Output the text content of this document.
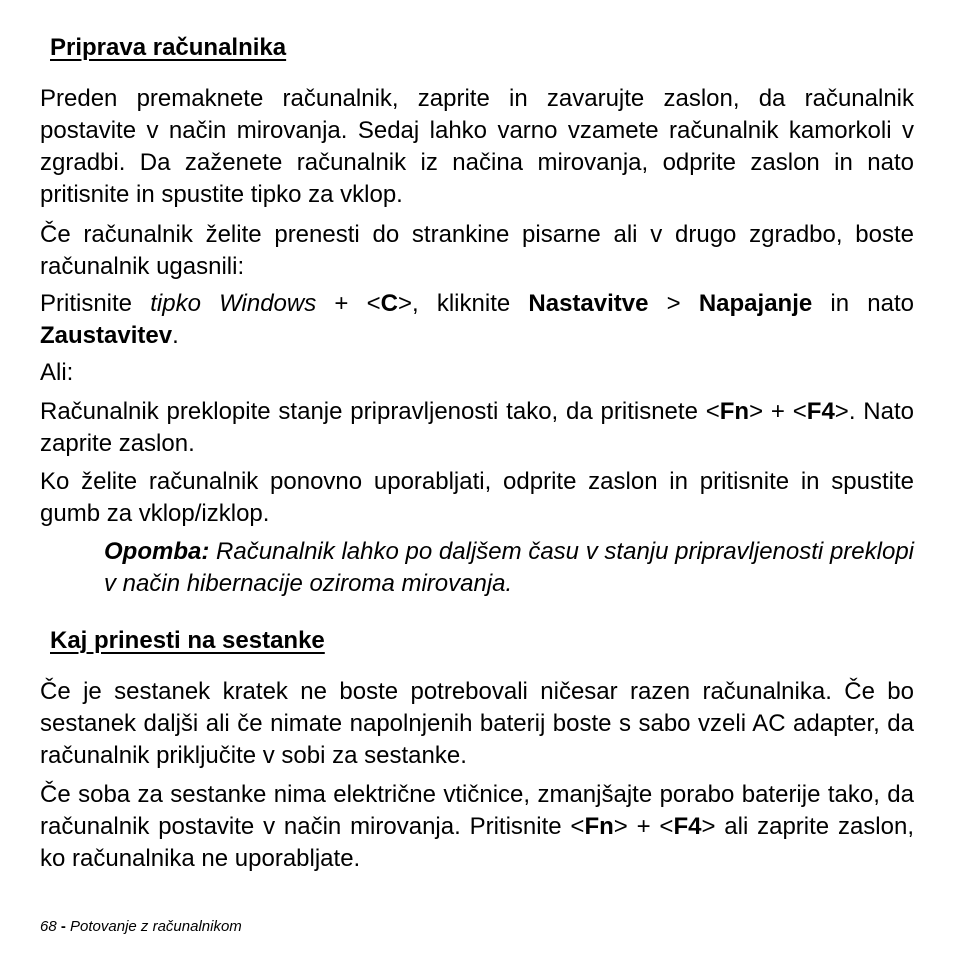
Priprava računalnika

Preden premaknete računalnik, zaprite in zavarujte zaslon, da računalnik postavite v način mirovanja. Sedaj lahko varno vzamete računalnik kamorkoli v zgradbi. Da zaženete računalnik iz načina mirovanja, odprite zaslon in nato pritisnite in spustite tipko za vklop.

Če računalnik želite prenesti do strankine pisarne ali v drugo zgradbo, boste računalnik ugasnili:

Pritisnite tipko Windows + <C>, kliknite Nastavitve > Napajanje in nato Zaustavitev.

Ali:

Računalnik preklopite stanje pripravljenosti tako, da pritisnete <Fn> + <F4>. Nato zaprite zaslon.

Ko želite računalnik ponovno uporabljati, odprite zaslon in pritisnite in spustite gumb za vklop/izklop.

Opomba: Računalnik lahko po daljšem času v stanju pripravljenosti preklopi v način hibernacije oziroma mirovanja.

Kaj prinesti na sestanke

Če je sestanek kratek ne boste potrebovali ničesar razen računalnika. Če bo sestanek daljši ali če nimate napolnjenih baterij boste s sabo vzeli AC adapter, da računalnik priključite v sobi za sestanke.

Če soba za sestanke nima električne vtičnice, zmanjšajte porabo baterije tako, da računalnik postavite v način mirovanja. Pritisnite <Fn> + <F4> ali zaprite zaslon, ko računalnika ne uporabljate.

68 - Potovanje z računalnikom
